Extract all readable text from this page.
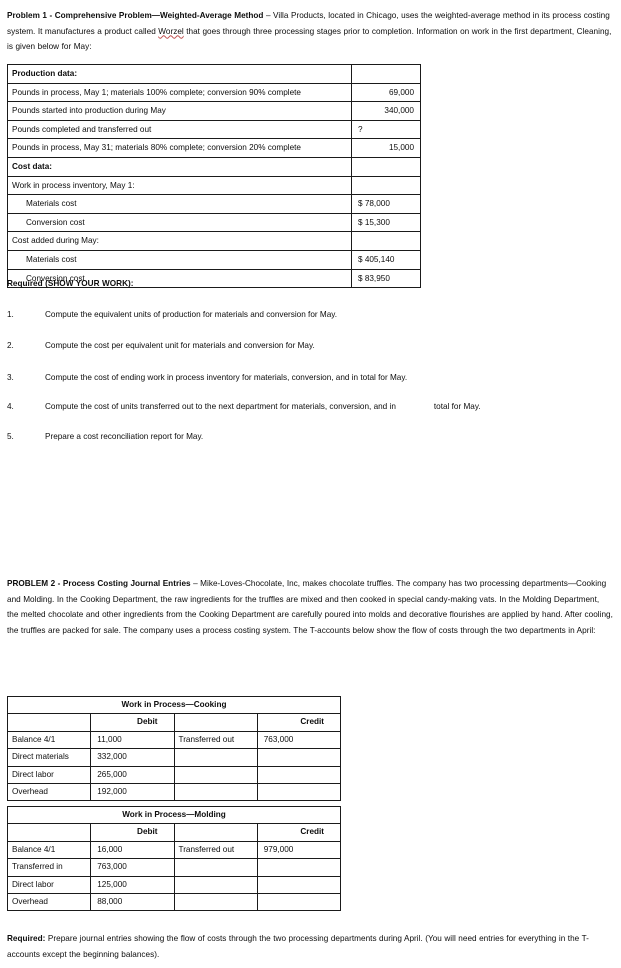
Problem 1 - Comprehensive Problem—Weighted-Average Method – Villa Products, located in Chicago, uses the weighted-average method in its process costing system. It manufactures a product called Worzel that goes through three processing stages prior to completion. Information on work in the first department, Cleaning, is given below for May:
Production data:	
Pounds in process, May 1; materials 100% complete; conversion 90% complete	69,000
Pounds started into production during May	340,000
Pounds completed and transferred out	?
Pounds in process, May 31; materials 80% complete; conversion 20% complete	15,000
Cost data:	
Work in process inventory, May 1:	
Materials cost	$ 78,000
Conversion cost	$ 15,300
Cost added during May:	
Materials cost	$ 405,140
Conversion cost	$ 83,950
Required (SHOW YOUR WORK):
1.	Compute the equivalent units of production for materials and conversion for May.
2.	Compute the cost per equivalent unit for materials and conversion for May.
3.	Compute the cost of ending work in process inventory for materials, conversion, and in total for May.
4.	Compute the cost of units transferred out to the next department for materials, conversion, and in	total for May.
5.	Prepare a cost reconciliation report for May.
PROBLEM 2 - Process Costing Journal Entries – Mike-Loves-Chocolate, Inc, makes chocolate truffles. The company has two processing departments—Cooking and Molding. In the Cooking Department, the raw ingredients for the truffles are mixed and then cooked in special candy-making vats. In the Molding Department, the melted chocolate and other ingredients from the Cooking Department are carefully poured into molds and decorative flourishes are applied by hand. After cooling, the truffles are packed for sale. The company uses a process costing system. The T-accounts below show the flow of costs through the two departments in April:
Work in Process—Cooking			
	Debit		Credit
Balance 4/1	11,000	Transferred out	763,000
Direct materials	332,000		
Direct labor	265,000		
Overhead	192,000		
Work in Process—Molding			
	Debit		Credit
Balance 4/1	16,000	Transferred out	979,000
Transferred in	763,000		
Direct labor	125,000		
Overhead	88,000		
Required: Prepare journal entries showing the flow of costs through the two processing departments during April. (You will need entries for everything in the T-accounts except the beginning balances).
